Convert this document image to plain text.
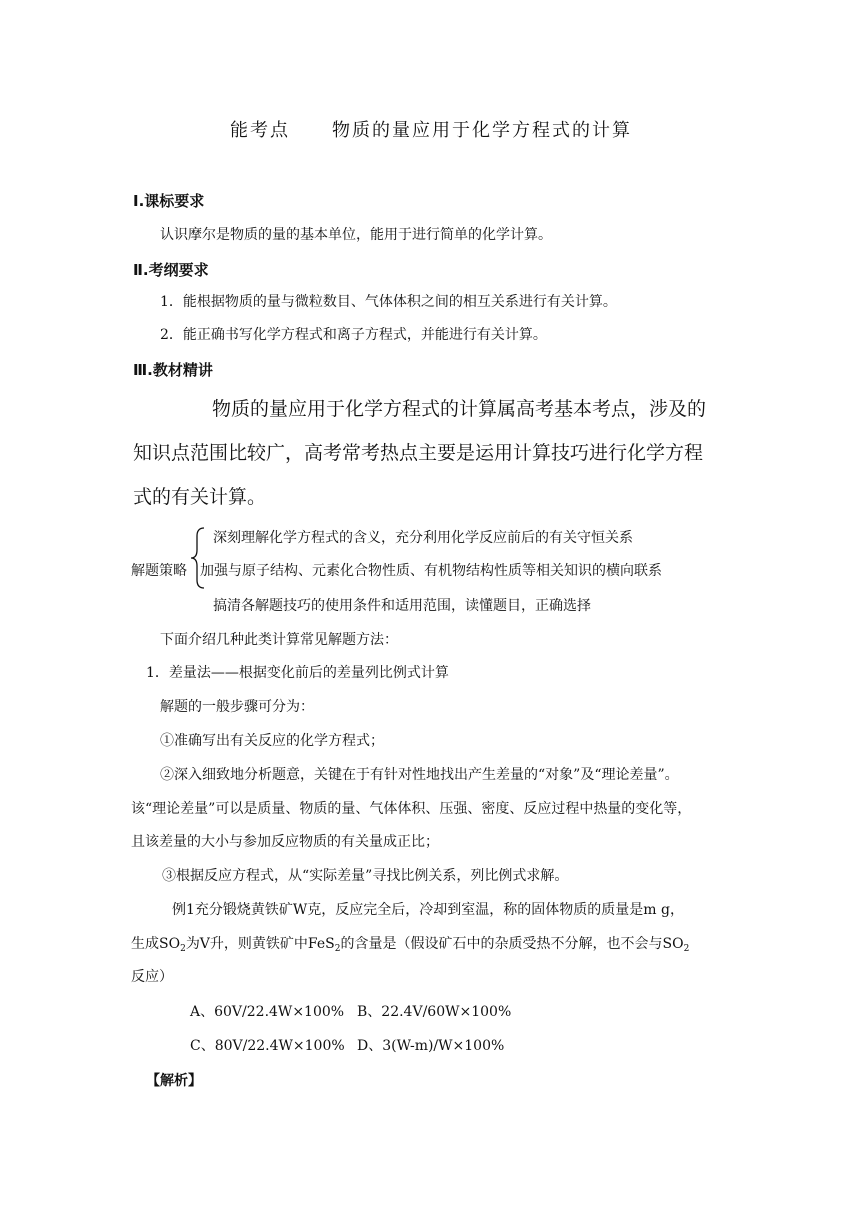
能考点 物质的量应用于化学方程式的计算
Ⅰ.课标要求
认识摩尔是物质的量的基本单位，能用于进行简单的化学计算。
Ⅱ.考纲要求
1．能根据物质的量与微粒数目、气体体积之间的相互关系进行有关计算。
2．能正确书写化学方程式和离子方程式，并能进行有关计算。
Ⅲ.教材精讲
物质的量应用于化学方程式的计算属高考基本考点，涉及的
知识点范围比较广，高考常考热点主要是运用计算技巧进行化学方程
式的有关计算。
解题策略
深刻理解化学方程式的含义，充分利用化学反应前后的有关守恒关系
加强与原子结构、元素化合物性质、有机物结构性质等相关知识的横向联系
搞清各解题技巧的使用条件和适用范围，读懂题目，正确选择
下面介绍几种此类计算常见解题方法：
1．差量法——根据变化前后的差量列比例式计算
解题的一般步骤可分为：
①准确写出有关反应的化学方程式；
②深入细致地分析题意，关键在于有针对性地找出产生差量的“对象”及“理论差量”。
该“理论差量”可以是质量、物质的量、气体体积、压强、密度、反应过程中热量的变化等，
且该差量的大小与参加反应物质的有关量成正比；
③根据反应方程式，从“实际差量”寻找比例关系，列比例式求解。
例1充分锻烧黄铁矿W克，反应完全后，冷却到室温，称的固体物质的质量是m g，
生成$SO_2$为V升，则黄铁矿中FeS$_2$的含量是（假设矿石中的杂质受热不分解，也不会与$SO_2$
反应）
A、60V/22.4W×100% B、22.4V/60W×100%
C、80V/22.4W×100% D、3(W-m)/W×100%
【解析】
